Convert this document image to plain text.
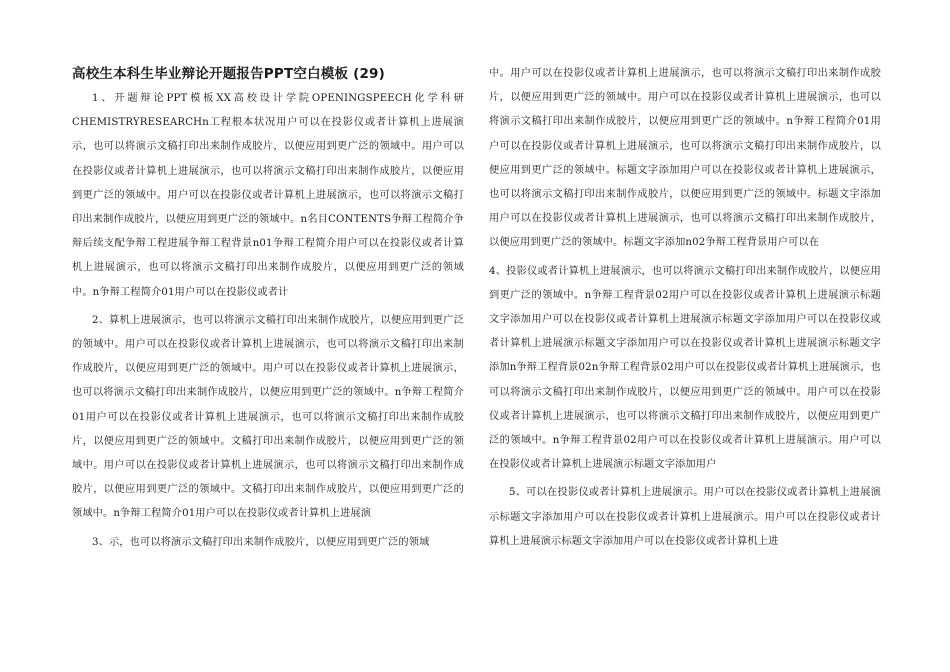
高校生本科生毕业辩论开题报告PPT空白模板 (29)

1、开题辩论PPT模板XX高校设计学院OPENINGSPEECH化学科研CHEMISTRYRESEARCHn工程根本状况用户可以在投影仪或者计算机上进展演示，也可以将演示文稿打印出来制作成胶片，以便应用到更广泛的领域中。用户可以在投影仪或者计算机上进展演示，也可以将演示文稿打印出来制作成胶片，以便应用到更广泛的领域中。用户可以在投影仪或者计算机上进展演示，也可以将演示文稿打印出来制作成胶片，以便应用到更广泛的领域中。n名目CONTENTS争辩工程简介争辩后续支配争辩工程进展争辩工程背景n01争辩工程简介用户可以在投影仪或者计算机上进展演示，也可以将演示文稿打印出来制作成胶片，以便应用到更广泛的领域中。n争辩工程简介01用户可以在投影仪或者计

2、算机上进展演示，也可以将演示文稿打印出来制作成胶片，以便应用到更广泛的领域中。用户可以在投影仪或者计算机上进展演示，也可以将演示文稿打印出来制作成胶片，以便应用到更广泛的领域中。用户可以在投影仪或者计算机上进展演示，也可以将演示文稿打印出来制作成胶片，以便应用到更广泛的领域中。n争辩工程简介01用户可以在投影仪或者计算机上进展演示，也可以将演示文稿打印出来制作成胶片，以便应用到更广泛的领域中。文稿打印出来制作成胶片，以便应用到更广泛的领域中。用户可以在投影仪或者计算机上进展演示，也可以将演示文稿打印出来制作成胶片，以便应用到更广泛的领域中。文稿打印出来制作成胶片，以便应用到更广泛的领域中。n争辩工程简介01用户可以在投影仪或者计算机上进展演

3、示，也可以将演示文稿打印出来制作成胶片，以便应用到更广泛的领域

中。用户可以在投影仪或者计算机上进展演示，也可以将演示文稿打印出来制作成胶片，以便应用到更广泛的领域中。用户可以在投影仪或者计算机上进展演示，也可以将演示文稿打印出来制作成胶片，以便应用到更广泛的领域中。n争辩工程简介01用户可以在投影仪或者计算机上进展演示，也可以将演示文稿打印出来制作成胶片，以便应用到更广泛的领域中。标题文字添加用户可以在投影仪或者计算机上进展演示，也可以将演示文稿打印出来制作成胶片，以便应用到更广泛的领域中。标题文字添加用户可以在投影仪或者计算机上进展演示，也可以将演示文稿打印出来制作成胶片，以便应用到更广泛的领域中。标题文字添加n02争辩工程背景用户可以在

4、投影仪或者计算机上进展演示，也可以将演示文稿打印出来制作成胶片，以便应用到更广泛的领域中。n争辩工程背景02用户可以在投影仪或者计算机上进展演示标题文字添加用户可以在投影仪或者计算机上进展演示标题文字添加用户可以在投影仪或者计算机上进展演示标题文字添加用户可以在投影仪或者计算机上进展演示标题文字添加n争辩工程背景02n争辩工程背景02用户可以在投影仪或者计算机上进展演示，也可以将演示文稿打印出来制作成胶片，以便应用到更广泛的领域中。用户可以在投影仪或者计算机上进展演示，也可以将演示文稿打印出来制作成胶片，以便应用到更广泛的领域中。n争辩工程背景02用户可以在投影仪或者计算机上进展演示。用户可以在投影仪或者计算机上进展演示标题文字添加用户

5、可以在投影仪或者计算机上进展演示。用户可以在投影仪或者计算机上进展演示标题文字添加用户可以在投影仪或者计算机上进展演示。用户可以在投影仪或者计算机上进展演示标题文字添加用户可以在投影仪或者计算机上进
